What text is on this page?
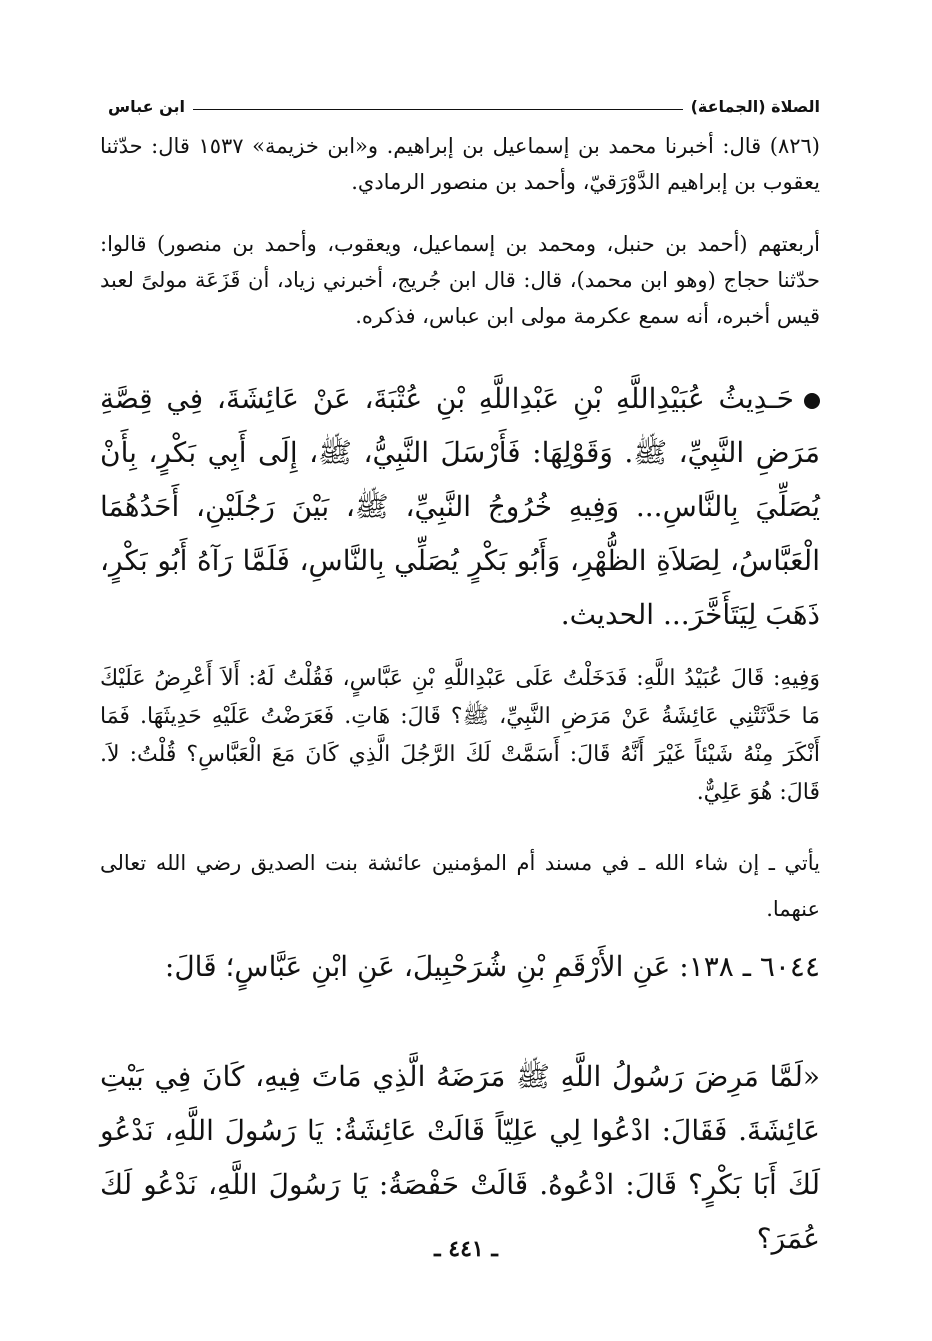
الصلاة (الجماعة)
ابن عباس

(٨٢٦) قال: أخبرنا محمد بن إسماعيل بن إبراهيم. و«ابن خزيمة» ١٥٣٧ قال: حدّثنا يعقوب بن إبراهيم الدَّوْرَقيّ، وأحمد بن منصور الرمادي.

أربعتهم (أحمد بن حنبل، ومحمد بن إسماعيل، ويعقوب، وأحمد بن منصور) قالوا: حدّثنا حجاج (وهو ابن محمد)، قال: قال ابن جُريج، أخبرني زياد، أن قَزَعَة مولىً لعبد قيس أخبره، أنه سمع عكرمة مولى ابن عباس، فذكره.

حَـدِيثُ عُبَيْدِاللَّهِ بْنِ عَبْدِاللَّهِ بْنِ عُتْبَةَ، عَنْ عَائِشَةَ، فِي قِصَّةِ مَرَضِ النَّبِيِّ، ﷺ. وَقَوْلِهَا: فَأَرْسَلَ النَّبِيُّ، ﷺ، إِلَى أَبِي بَكْرٍ، بِأَنْ يُصَلِّيَ بِالنَّاسِ... وَفِيهِ خُرُوجُ النَّبِيِّ، ﷺ، بَيْنَ رَجُلَيْنِ، أَحَدُهُمَا الْعَبَّاسُ، لِصَلاَةِ الظُّهْرِ، وَأَبُو بَكْرٍ يُصَلِّي بِالنَّاسِ، فَلَمَّا رَآهُ أَبُو بَكْرٍ، ذَهَبَ لِيَتَأَخَّرَ... الحديث.

وَفِيهِ: قَالَ عُبَيْدُ اللَّهِ: فَدَخَلْتُ عَلَى عَبْدِاللَّهِ بْنِ عَبَّاسٍ، فَقُلْتُ لَهُ: أَلاَ أَعْرِضُ عَلَيْكَ مَا حَدَّثَتْنِي عَائِشَةُ عَنْ مَرَضِ النَّبِيِّ، ﷺ؟ قَالَ: هَاتِ. فَعَرَضْتُ عَلَيْهِ حَدِيثَهَا. فَمَا أَنْكَرَ مِنْهُ شَيْئاً غَيْرَ أَنَّهُ قَالَ: أَسَمَّتْ لَكَ الرَّجُلَ الَّذِي كَانَ مَعَ الْعَبَّاسِ؟ قُلْتُ: لاَ. قَالَ: هُوَ عَلِيٌّ.

يأتي ـ إن شاء الله ـ في مسند أم المؤمنين عائشة بنت الصديق رضي الله تعالى عنهما.

٦٠٤٤ ـ ١٣٨: عَنِ الأَرْقَمِ بْنِ شُرَحْبِيلَ، عَنِ ابْنِ عَبَّاسٍ؛ قَالَ:

«لَمَّا مَرِضَ رَسُولُ اللَّهِ ﷺ مَرَضَهُ الَّذِي مَاتَ فِيهِ، كَانَ فِي بَيْتِ عَائِشَةَ. فَقَالَ: ادْعُوا لِي عَلِيّاً قَالَتْ عَائِشَةُ: يَا رَسُولَ اللَّهِ، نَدْعُو لَكَ أَبَا بَكْرٍ؟ قَالَ: ادْعُوهُ. قَالَتْ حَفْصَةُ: يَا رَسُولَ اللَّهِ، نَدْعُو لَكَ عُمَرَ؟

ـ ٤٤١ ـ
